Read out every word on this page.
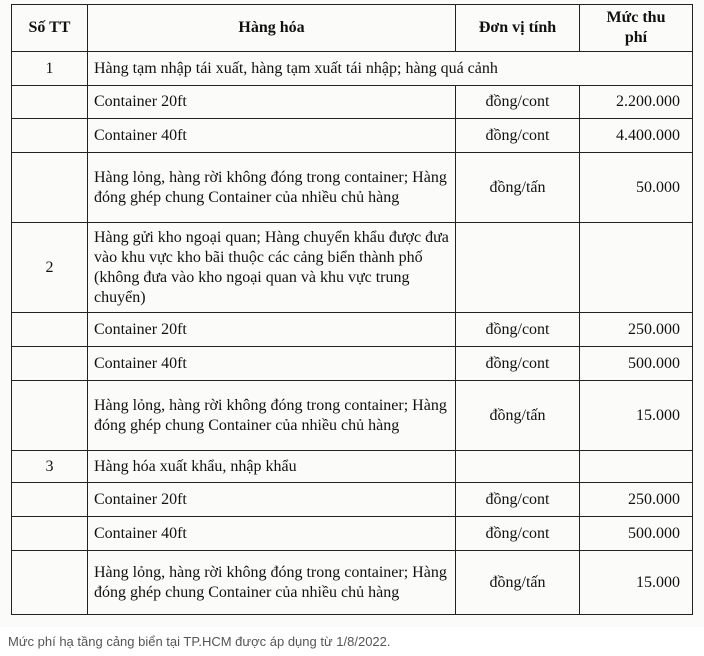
Số TT	Hàng hóa	Đơn vị tính	Mức thu phí
1	Hàng tạm nhập tái xuất, hàng tạm xuất tái nhập; hàng quá cảnh		
	Container 20ft	đồng/cont	2.200.000
	Container 40ft	đồng/cont	4.400.000
	Hàng lỏng, hàng rời không đóng trong container; Hàng đóng ghép chung Container của nhiều chủ hàng	đồng/tấn	50.000
2	Hàng gửi kho ngoại quan; Hàng chuyển khẩu được đưa vào khu vực kho bãi thuộc các cảng biển thành phố (không đưa vào kho ngoại quan và khu vực trung chuyển)		
	Container 20ft	đồng/cont	250.000
	Container 40ft	đồng/cont	500.000
	Hàng lỏng, hàng rời không đóng trong container; Hàng đóng ghép chung Container của nhiều chủ hàng	đồng/tấn	15.000
3	Hàng hóa xuất khẩu, nhập khẩu		
	Container 20ft	đồng/cont	250.000
	Container 40ft	đồng/cont	500.000
	Hàng lỏng, hàng rời không đóng trong container; Hàng đóng ghép chung Container của nhiều chủ hàng	đồng/tấn	15.000
Mức phí hạ tầng cảng biển tại TP.HCM được áp dụng từ 1/8/2022.
